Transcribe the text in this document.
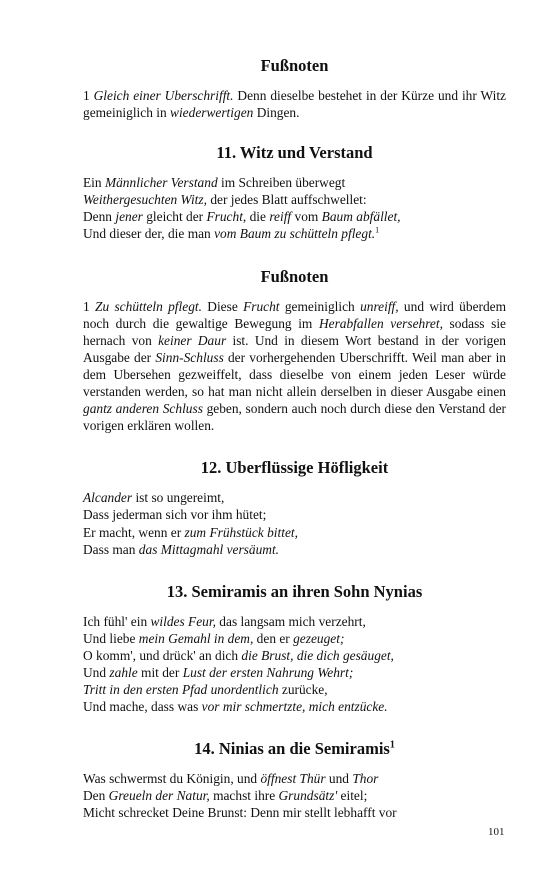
Fußnoten

1 Gleich einer Uberschrifft. Denn dieselbe bestehet in der Kürze und ihr Witz gemeiniglich in wiederwertigen Dingen.

11. Witz und Verstand

Ein Männlicher Verstand im Schreiben überwegt

Weithergesuchten Witz, der jedes Blatt auffschwellet:

Denn jener gleicht der Frucht, die reiff vom Baum abfället,

Und dieser der, die man vom Baum zu schütteln pflegt.$^1$

Fußnoten

1 Zu schütteln pflegt. Diese Frucht gemeiniglich unreiff, und wird überdem noch durch die gewaltige Bewegung im Herabfallen versehret, sodass sie hernach von keiner Daur ist. Und in diesem Wort bestand in der vorigen Ausgabe der Sinn-Schluss der vorhergehenden Uberschrifft. Weil man aber in dem Ubersehen gezweiffelt, dass dieselbe von einem jeden Leser würde verstanden werden, so hat man nicht allein derselben in dieser Ausgabe einen gantz anderen Schluss geben, sondern auch noch durch diese den Verstand der vorigen erklären wollen.

12. Uberflüssige Höfligkeit

Alcander ist so ungereimt,

Dass jederman sich vor ihm hütet;

Er macht, wenn er zum Frühstück bittet,

Dass man das Mittagmahl versäumt.

13. Semiramis an ihren Sohn Nynias

Ich fühl' ein wildes Feur, das langsam mich verzehrt,

Und liebe mein Gemahl in dem, den er gezeuget;

O komm', und drück' an dich die Brust, die dich gesäuget,

Und zahle mit der Lust der ersten Nahrung Wehrt;

Tritt in den ersten Pfad unordentlich zurücke,

Und mache, dass was vor mir schmertzte, mich entzücke.

14. Ninias an die Semiramis$^1$

Was schwermst du Königin, und öffnest Thür und Thor

Den Greueln der Natur, machst ihre Grundsätz' eitel;

Micht schrecket Deine Brunst: Denn mir stellt lebhafft vor

101
